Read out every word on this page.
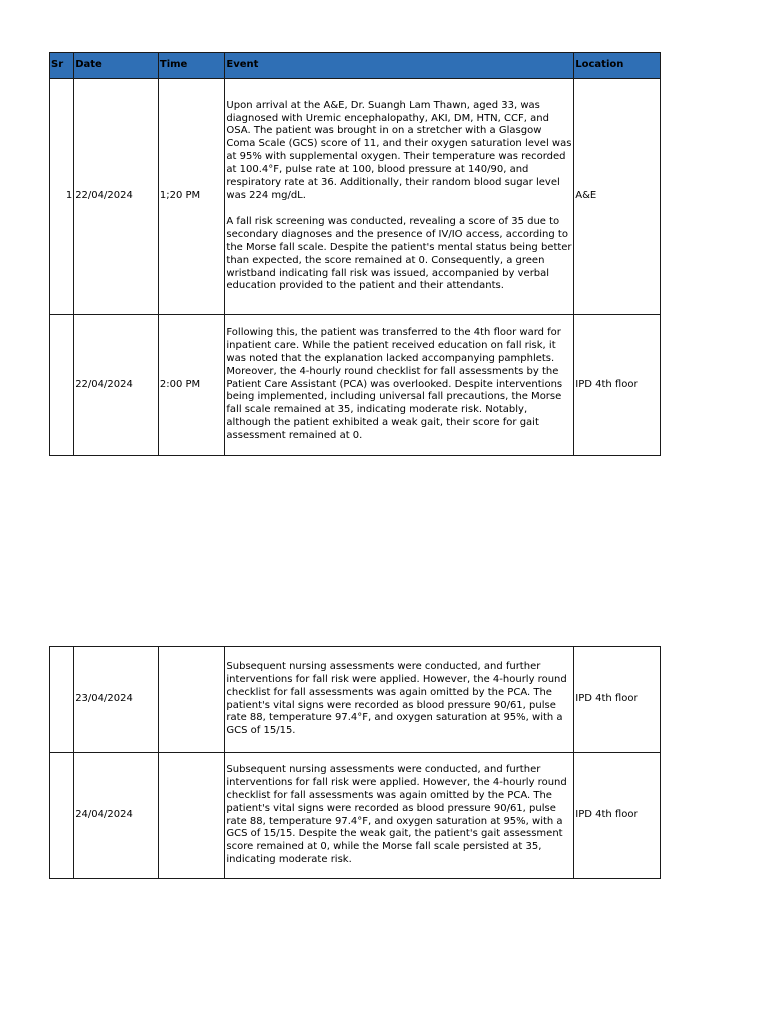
Sr	Date	Time	Event	Location
1	22/04/2024	1;20 PM	Upon arrival at the A&E, Dr. Suangh Lam Thawn, aged 33, was diagnosed with Uremic encephalopathy, AKI, DM, HTN, CCF, and OSA. The patient was brought in on a stretcher with a Glasgow Coma Scale (GCS) score of 11, and their oxygen saturation level was at 95% with supplemental oxygen. Their temperature was recorded at 100.4°F, pulse rate at 100, blood pressure at 140/90, and respiratory rate at 36. Additionally, their random blood sugar level was 224 mg/dL.

A fall risk screening was conducted, revealing a score of 35 due to secondary diagnoses and the presence of IV/IO access, according to the Morse fall scale. Despite the patient's mental status being better than expected, the score remained at 0. Consequently, a green wristband indicating fall risk was issued, accompanied by verbal education provided to the patient and their attendants.	A&E
	22/04/2024	2:00 PM	Following this, the patient was transferred to the 4th floor ward for inpatient care. While the patient received education on fall risk, it was noted that the explanation lacked accompanying pamphlets. Moreover, the 4-hourly round checklist for fall assessments by the Patient Care Assistant (PCA) was overlooked. Despite interventions being implemented, including universal fall precautions, the Morse fall scale remained at 35, indicating moderate risk. Notably, although the patient exhibited a weak gait, their score for gait assessment remained at 0.	IPD 4th floor
	23/04/2024		Subsequent nursing assessments were conducted, and further interventions for fall risk were applied. However, the 4-hourly round checklist for fall assessments was again omitted by the PCA. The patient's vital signs were recorded as blood pressure 90/61, pulse rate 88, temperature 97.4°F, and oxygen saturation at 95%, with a GCS of 15/15.	IPD 4th floor
	24/04/2024		Subsequent nursing assessments were conducted, and further interventions for fall risk were applied. However, the 4-hourly round checklist for fall assessments was again omitted by the PCA. The patient's vital signs were recorded as blood pressure 90/61, pulse rate 88, temperature 97.4°F, and oxygen saturation at 95%, with a GCS of 15/15. Despite the weak gait, the patient's gait assessment score remained at 0, while the Morse fall scale persisted at 35, indicating moderate risk.	IPD 4th floor
